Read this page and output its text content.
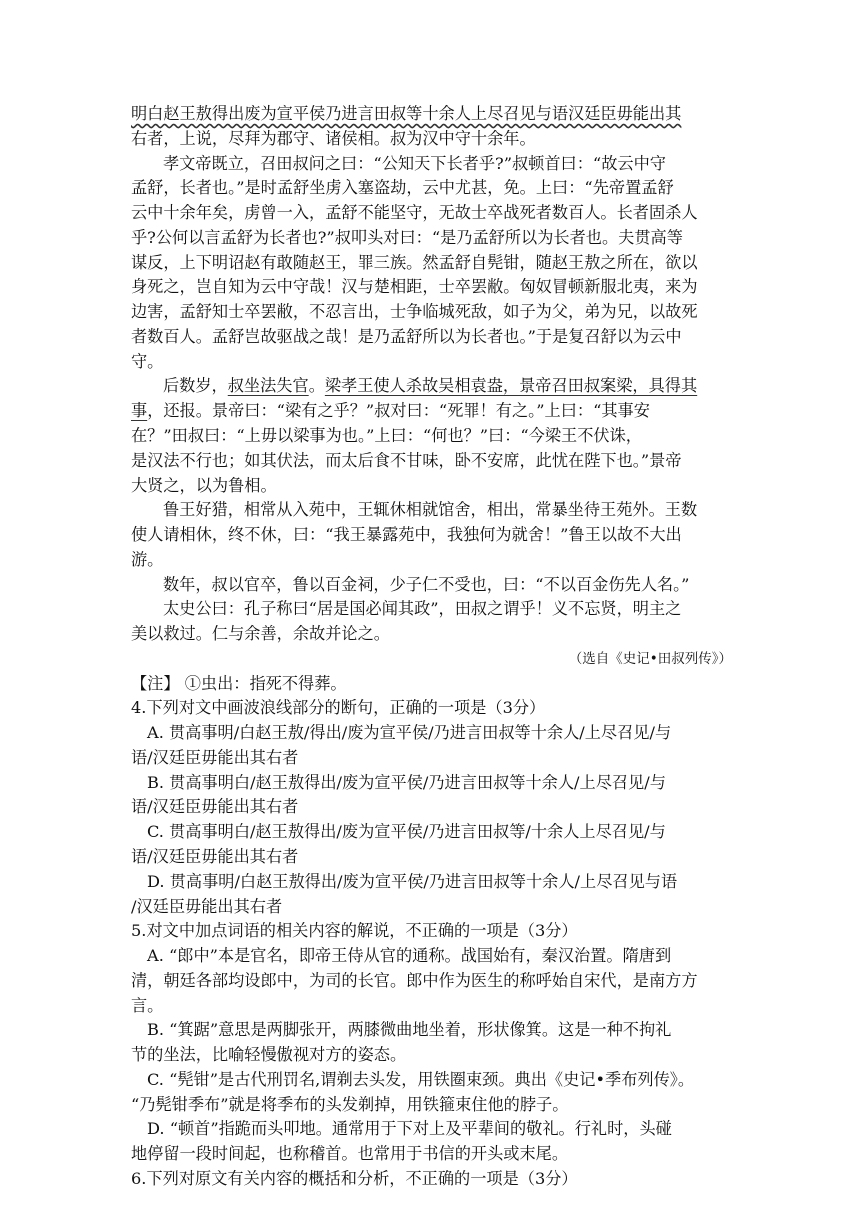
明白赵王敖得出废为宣平侯乃进言田叔等十余人上尽召见与语汉廷臣毋能出其
右者，上说，尽拜为郡守、诸侯相。叔为汉中守十余年。
孝文帝既立，召田叔问之曰：“公知天下长者乎?”叔顿首曰：“故云中守
孟舒，长者也。”是时孟舒坐虏入塞盗劫，云中尤甚，免。上曰：“先帝置孟舒
云中十余年矣，虏曾一入，孟舒不能坚守，无故士卒战死者数百人。长者固杀人
乎?公何以言孟舒为长者也?”叔叩头对曰：“是乃孟舒所以为长者也。夫贯高等
谋反，上下明诏赵有敢随赵王，罪三族。然孟舒自髡钳，随赵王敖之所在，欲以
身死之，岂自知为云中守哉！汉与楚相距，士卒罢敝。匈奴冒顿新服北夷，来为
边害，孟舒知士卒罢敝，不忍言出，士争临城死敌，如子为父，弟为兄，以故死
者数百人。孟舒岂故驱战之哉！是乃孟舒所以为长者也。”于是复召舒以为云中
守。
后数岁，叔坐法失官。梁孝王使人杀故吴相袁盎，景帝召田叔案梁，具得其
事，还报。景帝曰：“梁有之乎？”叔对曰：“死罪！有之。”上曰：“其事安
在？”田叔曰：“上毋以梁事为也。”上曰：“何也？”曰：“今梁王不伏诛，
是汉法不行也；如其伏法，而太后食不甘味，卧不安席，此忧在陛下也。”景帝
大贤之，以为鲁相。
鲁王好猎，相常从入苑中，王辄休相就馆舍，相出，常暴坐待王苑外。王数
使人请相休，终不休，曰：“我王暴露苑中，我独何为就舍！”鲁王以故不大出
游。
数年，叔以官卒，鲁以百金祠，少子仁不受也，曰：“不以百金伤先人名。”
太史公曰：孔子称曰“居是国必闻其政”，田叔之谓乎！义不忘贤，明主之
美以救过。仁与余善，余故并论之。
（选自《史记•田叔列传》）
【注】 ①虫出：指死不得葬。
4.下列对文中画波浪线部分的断句，正确的一项是（3分）
A. 贯高事明/白赵王敖/得出/废为宣平侯/乃进言田叔等十余人/上尽召见/与
语/汉廷臣毋能出其右者
B. 贯高事明白/赵王敖得出/废为宣平侯/乃进言田叔等十余人/上尽召见/与
语/汉廷臣毋能出其右者
C. 贯高事明白/赵王敖得出/废为宣平侯/乃进言田叔等/十余人上尽召见/与
语/汉廷臣毋能出其右者
D. 贯高事明/白赵王敖得出/废为宣平侯/乃进言田叔等十余人/上尽召见与语
/汉廷臣毋能出其右者
5.对文中加点词语的相关内容的解说，不正确的一项是（3分）
A. “郎中”本是官名，即帝王侍从官的通称。战国始有，秦汉治置。隋唐到
清，朝廷各部均设郎中，为司的长官。郎中作为医生的称呼始自宋代，是南方方
言。
B. “箕踞”意思是两脚张开，两膝微曲地坐着，形状像箕。这是一种不拘礼
节的坐法，比喻轻慢傲视对方的姿态。
C. “髡钳”是古代刑罚名,谓剃去头发，用铁圈束颈。典出《史记•季布列传》。
“乃髡钳季布”就是将季布的头发剃掉，用铁箍束住他的脖子。
D. “顿首”指跪而头叩地。通常用于下对上及平辈间的敬礼。行礼时，头碰
地停留一段时间起，也称稽首。也常用于书信的开头或末尾。
6.下列对原文有关内容的概括和分析，不正确的一项是（3分）
